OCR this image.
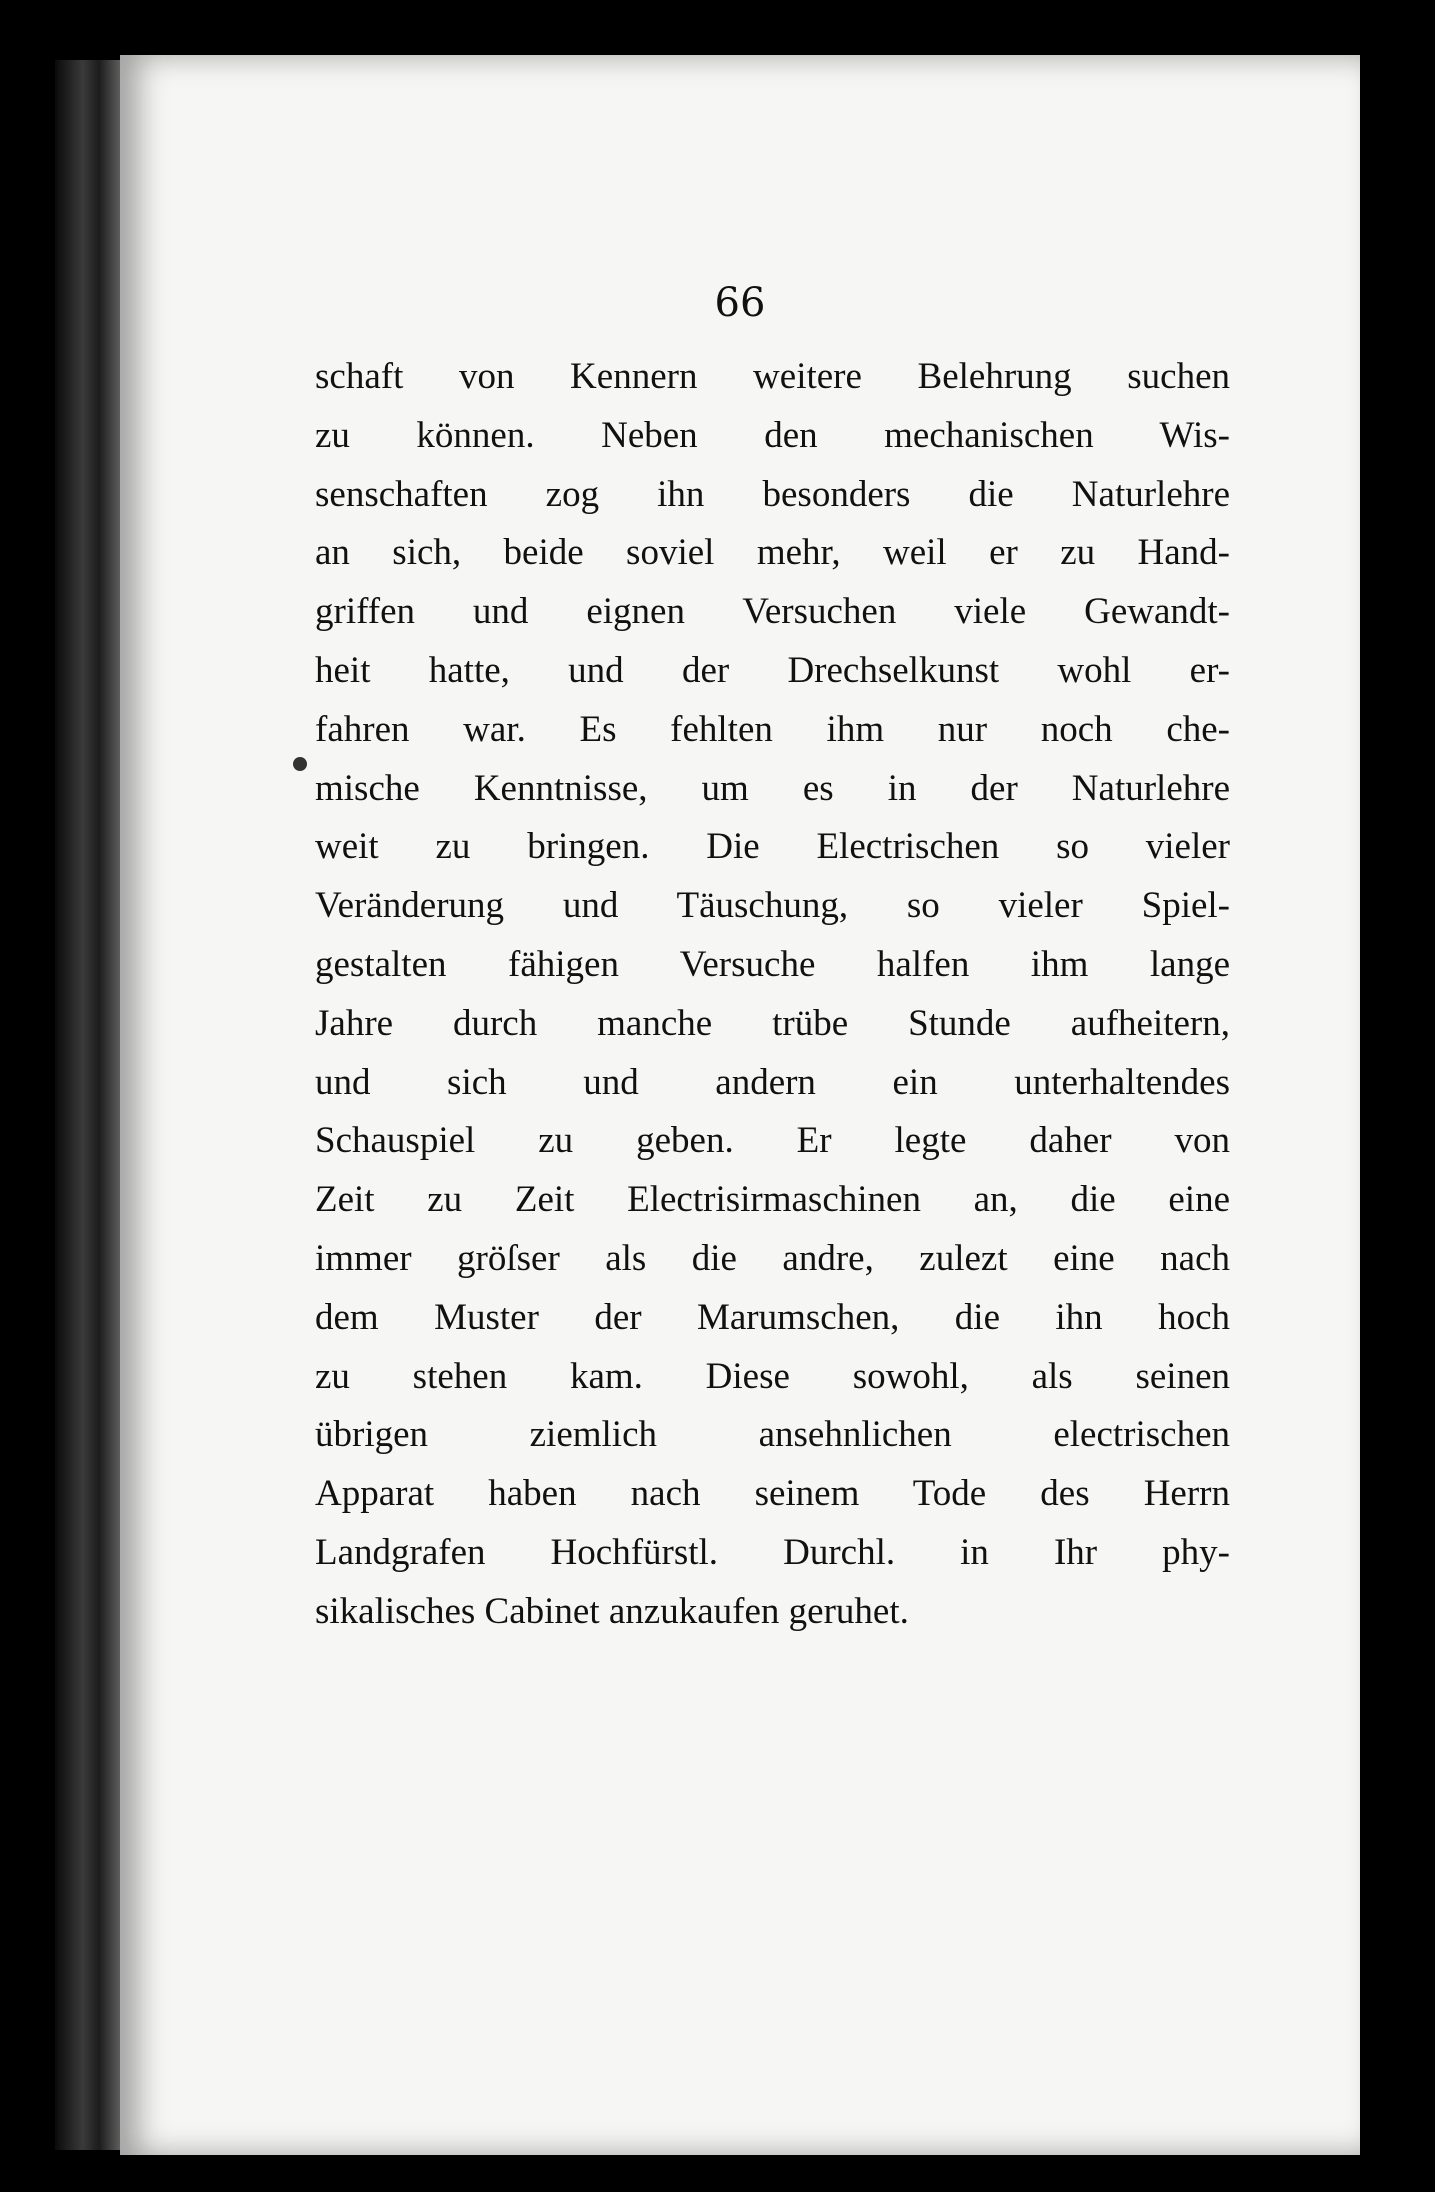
66
schaft von Kennern weitere Belehrung suchen
zu können. Neben den mechanischen Wis-
senschaften zog ihn besonders die Naturlehre
an sich, beide soviel mehr, weil er zu Hand-
griffen und eignen Versuchen viele Gewandt-
heit hatte, und der Drechselkunst wohl er-
fahren war. Es fehlten ihm nur noch che-
mische Kenntnisse, um es in der Naturlehre
weit zu bringen. Die Electrischen so vieler
Veränderung und Täuschung, so vieler Spiel-
gestalten fähigen Versuche halfen ihm lange
Jahre durch manche trübe Stunde aufheitern,
und sich und andern ein unterhaltendes
Schauspiel zu geben. Er legte daher von
Zeit zu Zeit Electrisirmaschinen an, die eine
immer gröſser als die andre, zulezt eine nach
dem Muster der Marumschen, die ihn hoch
zu stehen kam. Diese sowohl, als seinen
übrigen ziemlich ansehnlichen electrischen
Apparat haben nach seinem Tode des Herrn
Landgrafen Hochfürstl. Durchl. in Ihr phy-
sikalisches Cabinet anzukaufen geruhet.
